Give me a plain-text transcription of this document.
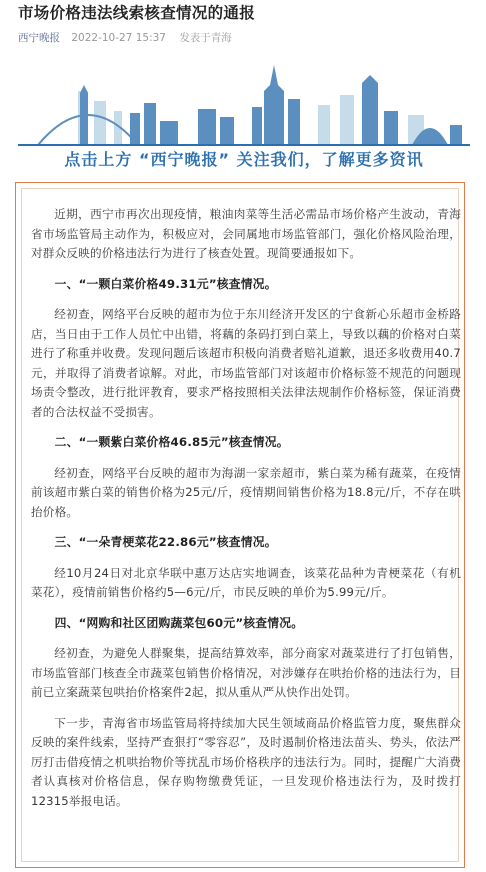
市场价格违法线索核查情况的通报
西宁晚报 2022-10-27 15:37 发表于青海
点击上方 “西宁晚报” 关注我们，了解更多资讯

近期，西宁市再次出现疫情，粮油肉菜等生活必需品市场价格产生波动，青海省市场监管局主动作为，积极应对，会同属地市场监管部门，强化价格风险治理，对群众反映的价格违法行为进行了核查处置。现简要通报如下。

一、“一颗白菜价格49.31元”核查情况。

经初查，网络平台反映的超市为位于东川经济开发区的宁食新心乐超市金桥路店，当日由于工作人员忙中出错，将藕的条码打到白菜上，导致以藕的价格对白菜进行了称重并收费。发现问题后该超市积极向消费者赔礼道歉，退还多收费用40.7元，并取得了消费者谅解。对此，市场监管部门对该超市价格标签不规范的问题现场责令整改，进行批评教育，要求严格按照相关法律法规制作价格标签，保证消费者的合法权益不受损害。

二、“一颗紫白菜价格46.85元”核查情况。

经初查，网络平台反映的超市为海湖一家亲超市，紫白菜为稀有蔬菜，在疫情前该超市紫白菜的销售价格为25元/斤，疫情期间销售价格为18.8元/斤，不存在哄抬价格。

三、“一朵青梗菜花22.86元”核查情况。

经10月24日对北京华联中惠万达店实地调查，该菜花品种为青梗菜花（有机菜花），疫情前销售价格约5—6元/斤，市民反映的单价为5.99元/斤。

四、“网购和社区团购蔬菜包60元”核查情况。

经初查，为避免人群聚集，提高结算效率，部分商家对蔬菜进行了打包销售，市场监管部门核查全市蔬菜包销售价格情况，对涉嫌存在哄抬价格的违法行为，目前已立案蔬菜包哄抬价格案件2起，拟从重从严从快作出处罚。

下一步，青海省市场监管局将持续加大民生领域商品价格监管力度，聚焦群众反映的案件线索，坚持严查狠打“零容忍”，及时遏制价格违法苗头、势头，依法严厉打击借疫情之机哄抬物价等扰乱市场价格秩序的违法行为。同时，提醒广大消费者认真核对价格信息，保存购物缴费凭证，一旦发现价格违法行为，及时拨打12315举报电话。
